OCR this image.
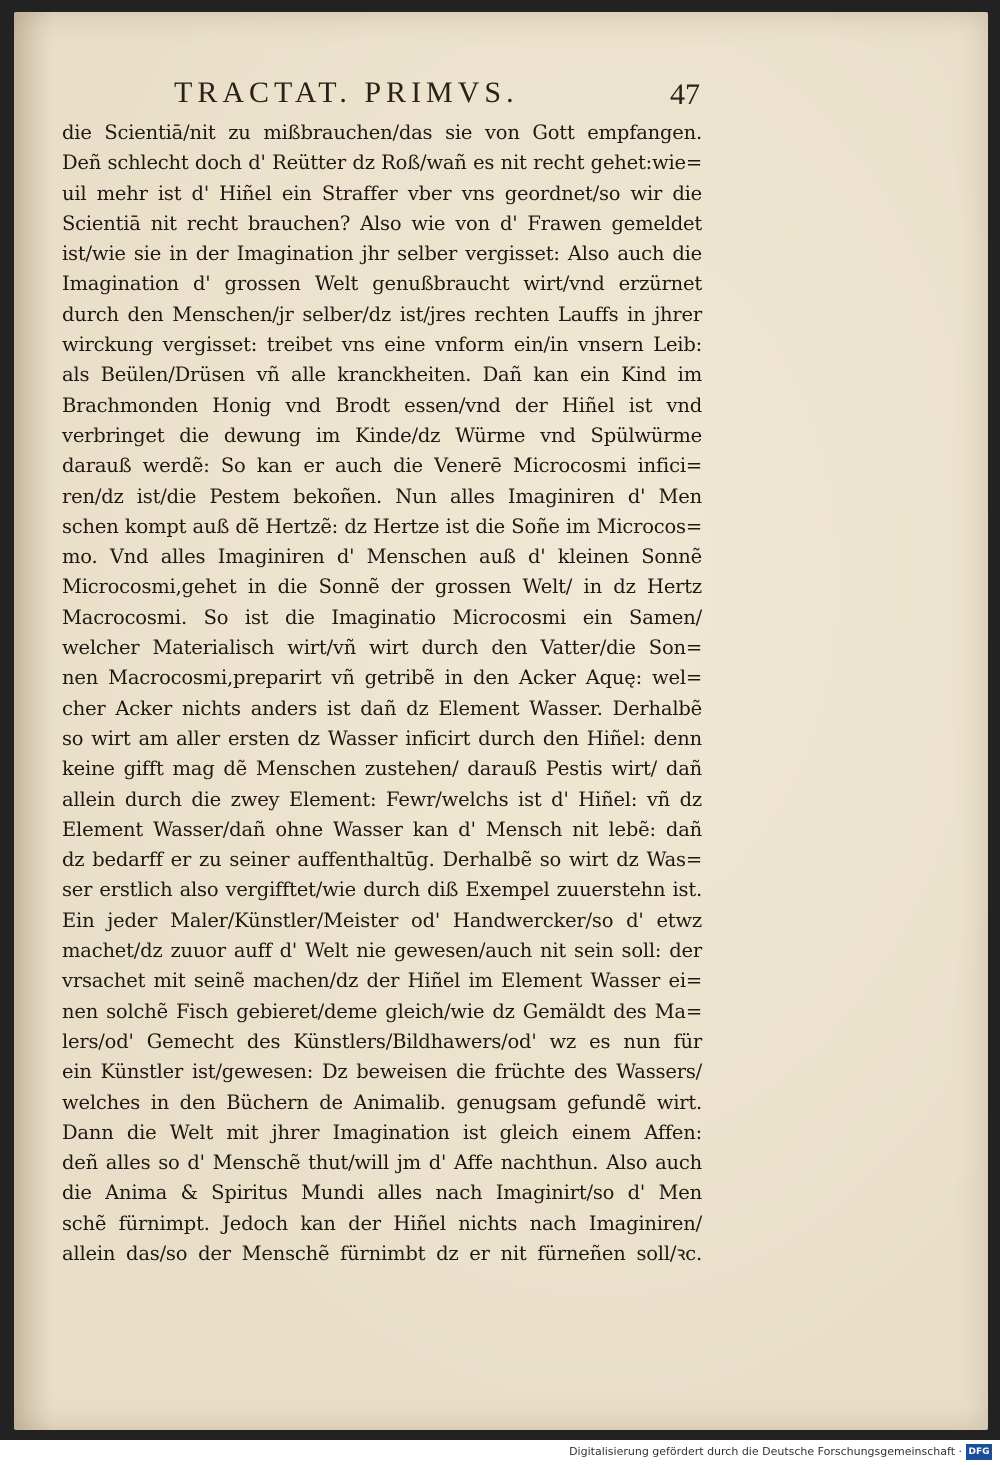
TRACTAT. PRIMVS.	47
die Scientiā/nit zu mißbrauchen/das sie von Gott empfangen.
Deñ schlecht doch d' Reütter dz Roß/wañ es nit recht gehet:wie=
uil mehr ist d' Hiñel ein Straffer vber vns geordnet/so wir die
Scientiā nit recht brauchen? Also wie von d' Frawen gemeldet
ist/wie sie in der Imagination jhr selber vergisset: Also auch die
Imagination d' grossen Welt genußbraucht wirt/vnd erzürnet
durch den Menschen/jr selber/dz ist/jres rechten Lauffs in jhrer
wirckung vergisset: treibet vns eine vnform ein/in vnsern Leib:
als Beülen/Drüsen vñ alle kranckheiten. Dañ kan ein Kind im
Brachmonden Honig vnd Brodt essen/vnd der Hiñel ist vnd
verbringet die dewung im Kinde/dz Würme vnd Spülwürme
darauß werdẽ: So kan er auch die Venerē Microcosmi infici=
ren/dz ist/die Pestem bekoñen. Nun alles Imaginiren d' Men
schen kompt auß dẽ Hertzẽ: dz Hertze ist die Soñe im Microcos=
mo. Vnd alles Imaginiren d' Menschen auß d' kleinen Sonnẽ
Microcosmi,gehet in die Sonnẽ der grossen Welt/ in dz Hertz
Macrocosmi. So ist die Imaginatio Microcosmi ein Samen/
welcher Materialisch wirt/vñ wirt durch den Vatter/die Son=
nen Macrocosmi,preparirt vñ getribẽ in den Acker Aquę: wel=
cher Acker nichts anders ist dañ dz Element Wasser. Derhalbẽ
so wirt am aller ersten dz Wasser inficirt durch den Hiñel: denn
keine gifft mag dẽ Menschen zustehen/ darauß Pestis wirt/ dañ
allein durch die zwey Element: Fewr/welchs ist d' Hiñel: vñ dz
Element Wasser/dañ ohne Wasser kan d' Mensch nit lebẽ: dañ
dz bedarff er zu seiner auffenthaltūg. Derhalbẽ so wirt dz Was=
ser erstlich also vergifftet/wie durch diß Exempel zuuerstehn ist.
Ein jeder Maler/Künstler/Meister od' Handwercker/so d' etwz
machet/dz zuuor auff d' Welt nie gewesen/auch nit sein soll: der
vrsachet mit seinẽ machen/dz der Hiñel im Element Wasser ei=
nen solchẽ Fisch gebieret/deme gleich/wie dz Gemäldt des Ma=
lers/od' Gemecht des Künstlers/Bildhawers/od' wz es nun für
ein Künstler ist/gewesen: Dz beweisen die früchte des Wassers/
welches in den Büchern de Animalib. genugsam gefundẽ wirt.
Dann die Welt mit jhrer Imagination ist gleich einem Affen:
deñ alles so d' Menschẽ thut/will jm d' Affe nachthun. Also auch
die Anima & Spiritus Mundi alles nach Imaginirt/so d' Men
schẽ fürnimpt. Jedoch kan der Hiñel nichts nach Imaginiren/
allein das/so der Menschẽ fürnimbt dz er nit fürneñen soll/ꝛc.
Digitalisierung gefördert durch die Deutsche Forschungsgemeinschaft · DFG
